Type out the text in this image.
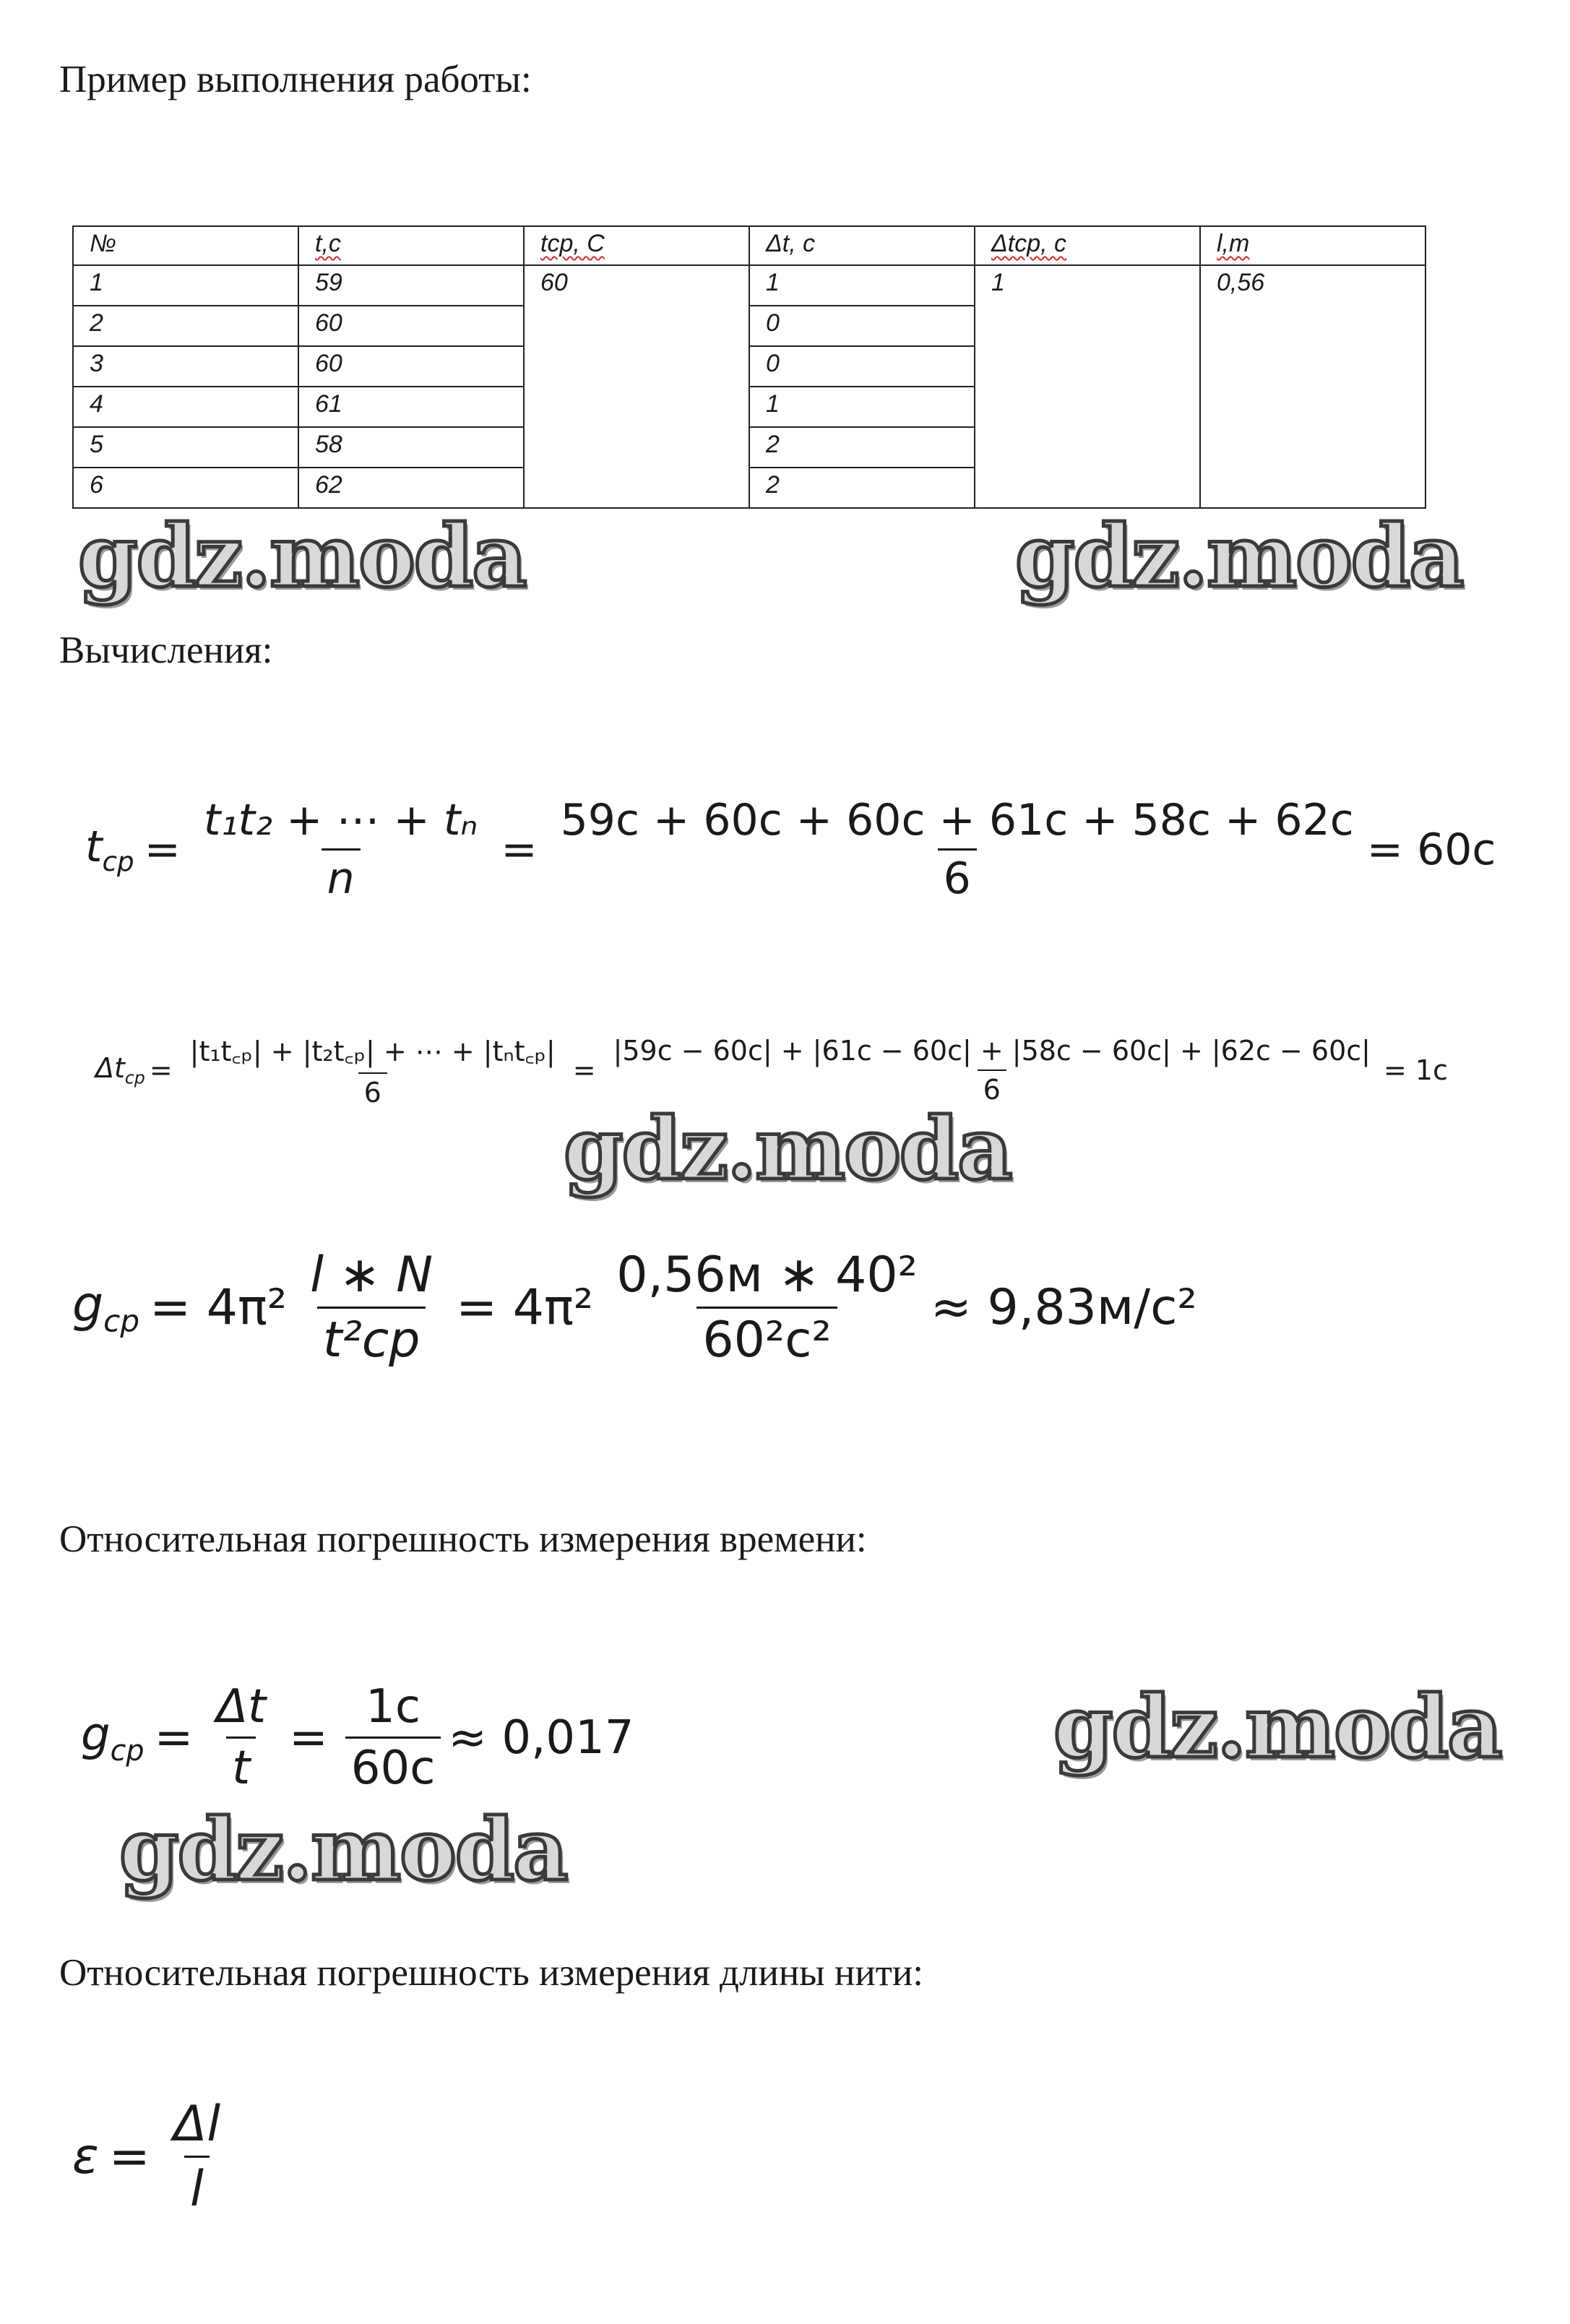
Пример выполнения работы:
№	t,c	tср, С	Δt, с	Δtср, с	l,m
1	59	60	1	1	0,56
2	60		0		
3	60		0		
4	61		1		
5	58		2		
6	62		2		
gdz.moda	gdz.moda
Вычисления:
$t_{ср} = \frac{\text{t₁t₂ + ⋯ + tₙ}}{n} = \frac{59c + 60c + 60c + 61c + 58c + 62c}{6} = 60c$
$\Delta t_{cp} = \frac{\text{|t₁t꜀ₚ| + |t₂t꜀ₚ| + ⋯ + |tₙt꜀ₚ|}}{6} = \frac{|59c - 60c| + |61c - 60c| + |58c - 60c| + |62c - 60c|}{6} = 1c$
gdz.moda
$g_{cp} = 4\pi^2 \frac{l ∗ N}{\text{t²cp}} = 4\pi^2 \frac{\text{0,56м ∗ 40²}}{\text{60²c²}} \approx 9,83м/c^2$
Относительная погрешность измерения времени:
$g_{cp} = \frac{\Delta t}{t} = \frac{1c}{60c} \approx 0,017$	gdz.moda
gdz.moda
Относительная погрешность измерения длины нити:
$\varepsilon = \frac{\Delta l}{l}$
